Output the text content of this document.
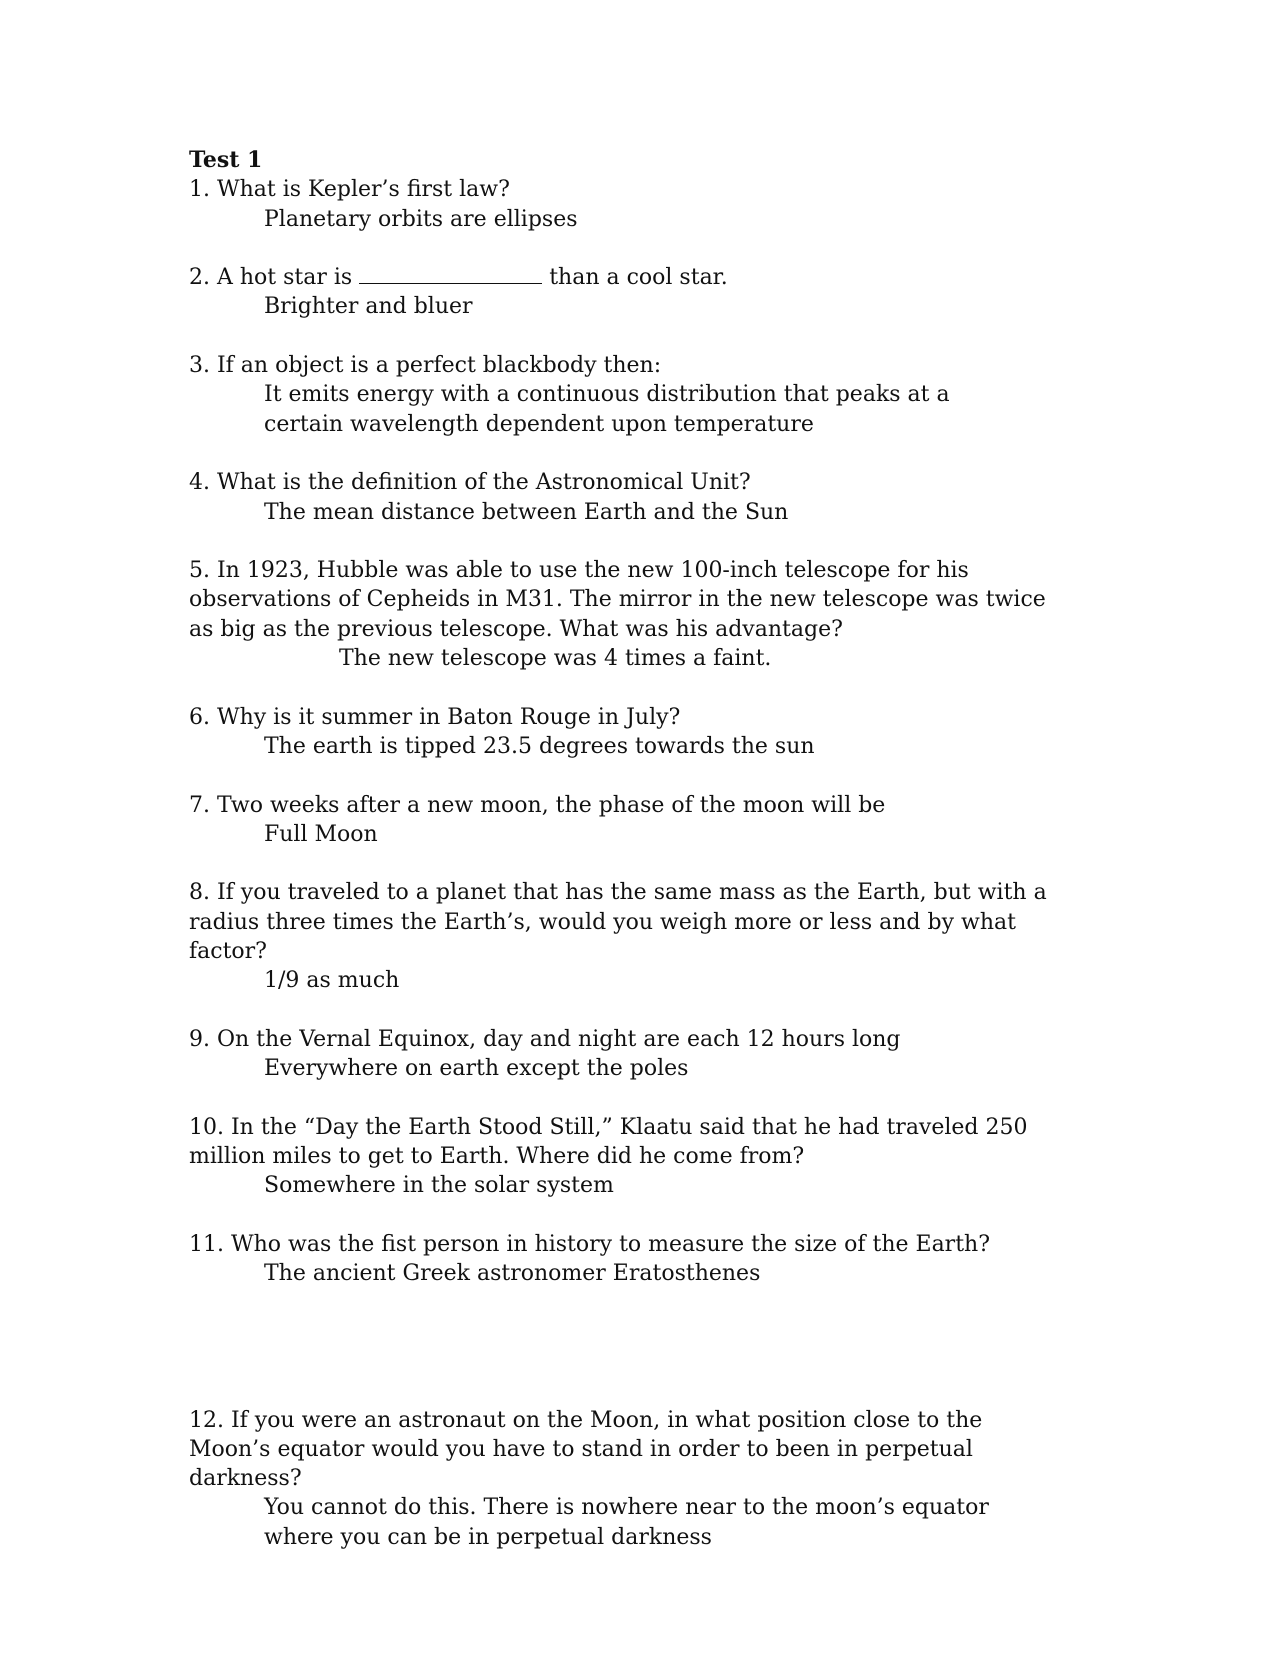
Test 1

1. What is Kepler’s first law?

Planetary orbits are ellipses

2. A hot star is	than a cool star.

Brighter and bluer

3. If an object is a perfect blackbody then:

It emits energy with a continuous distribution that peaks at a certain wavelength dependent upon temperature

4. What is the definition of the Astronomical Unit?

The mean distance between Earth and the Sun

5. In 1923, Hubble was able to use the new 100-inch telescope for his observations of Cepheids in M31. The mirror in the new telescope was twice as big as the previous telescope. What was his advantage?

The new telescope was 4 times a faint.

6. Why is it summer in Baton Rouge in July?

The earth is tipped 23.5 degrees towards the sun

7. Two weeks after a new moon, the phase of the moon will be

Full Moon

8. If you traveled to a planet that has the same mass as the Earth, but with a radius three times the Earth’s, would you weigh more or less and by what factor?

1/9 as much

9. On the Vernal Equinox, day and night are each 12 hours long

Everywhere on earth except the poles

10. In the “Day the Earth Stood Still,” Klaatu said that he had traveled 250 million miles to get to Earth. Where did he come from?

Somewhere in the solar system

11. Who was the fist person in history to measure the size of the Earth?

The ancient Greek astronomer Eratosthenes

12. If you were an astronaut on the Moon, in what position close to the Moon’s equator would you have to stand in order to been in perpetual darkness?

You cannot do this. There is nowhere near to the moon’s equator where you can be in perpetual darkness
